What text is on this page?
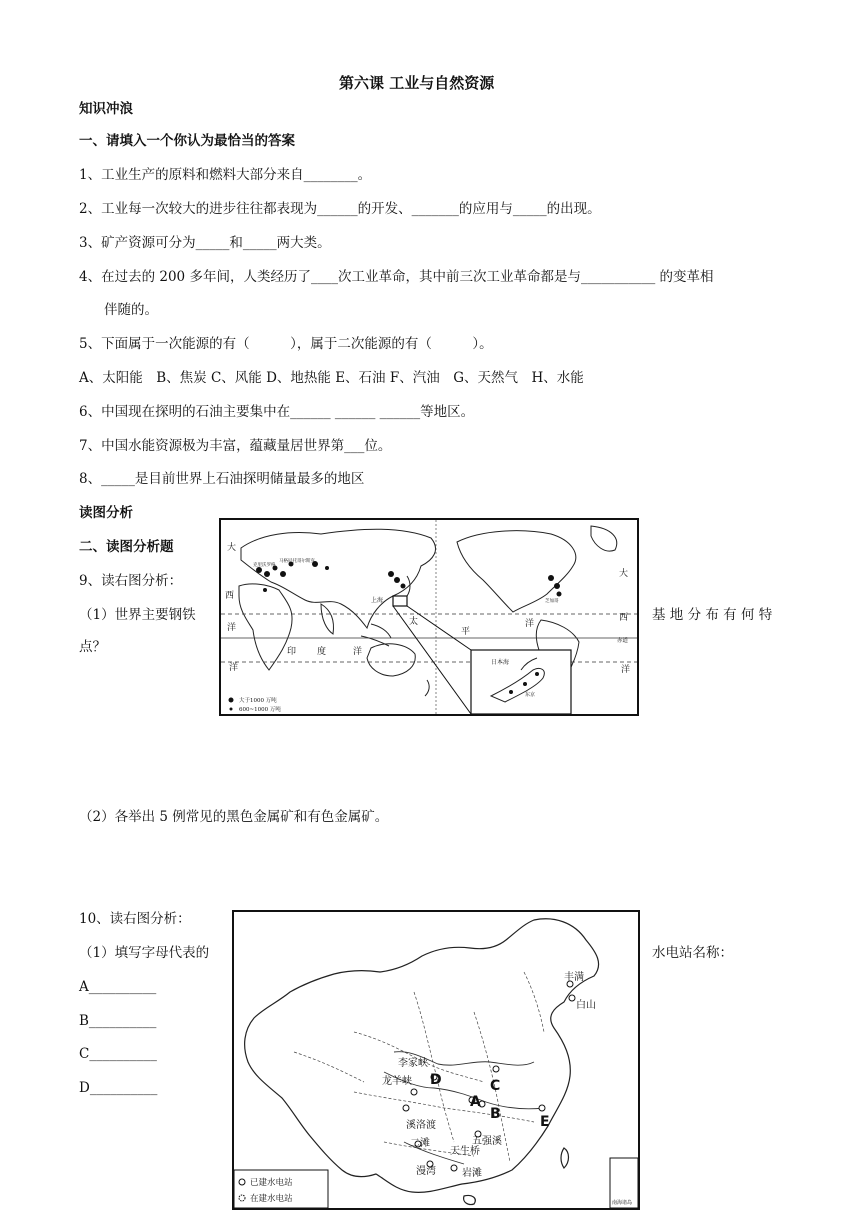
第六课 工业与自然资源
知识冲浪
一、请填入一个你认为最恰当的答案
1、工业生产的原料和燃料大部分来自________。
2、工业每一次较大的进步往往都表现为______的开发、_______的应用与_____的出现。
3、矿产资源可分为_____和_____两大类。
4、在过去的 200 多年间，人类经历了____次工业革命，其中前三次工业革命都是与___________ 的变革相
伴随的。
5、下面属于一次能源的有（　　　），属于二次能源的有（　　　）。
A、太阳能　B、焦炭 C、风能 D、地热能 E、石油 F、汽油　G、天然气　H、水能
6、中国现在探明的石油主要集中在______ ______ ______等地区。
7、中国水能资源极为丰富，蕴藏量居世界第___位。
8、_____是目前世界上石油探明储量最多的地区
读图分析
二、读图分析题
9、读右图分析：
（1）世界主要钢铁	基 地 分 布 有 何 特
点？
大于1000 万吨
600~1000 万吨
大
西
洋
太
平
洋
大
西
洋
印 度	洋
洋
上海
赤道
日本海
东京
克里沃罗格
马格尼托哥尔斯克
芝加哥
（2）各举出 5 例常见的黑色金属矿和有色金属矿。
10、读右图分析：
（1）填写字母代表的	水电站名称：
A__________
B__________
C__________
D__________
A
B
C
D
E
丰满
白山
李家峡
龙羊峡
二滩
天生桥
漫湾	岩滩
五强溪
溪洛渡
已建水电站
在建水电站	南海诸岛
